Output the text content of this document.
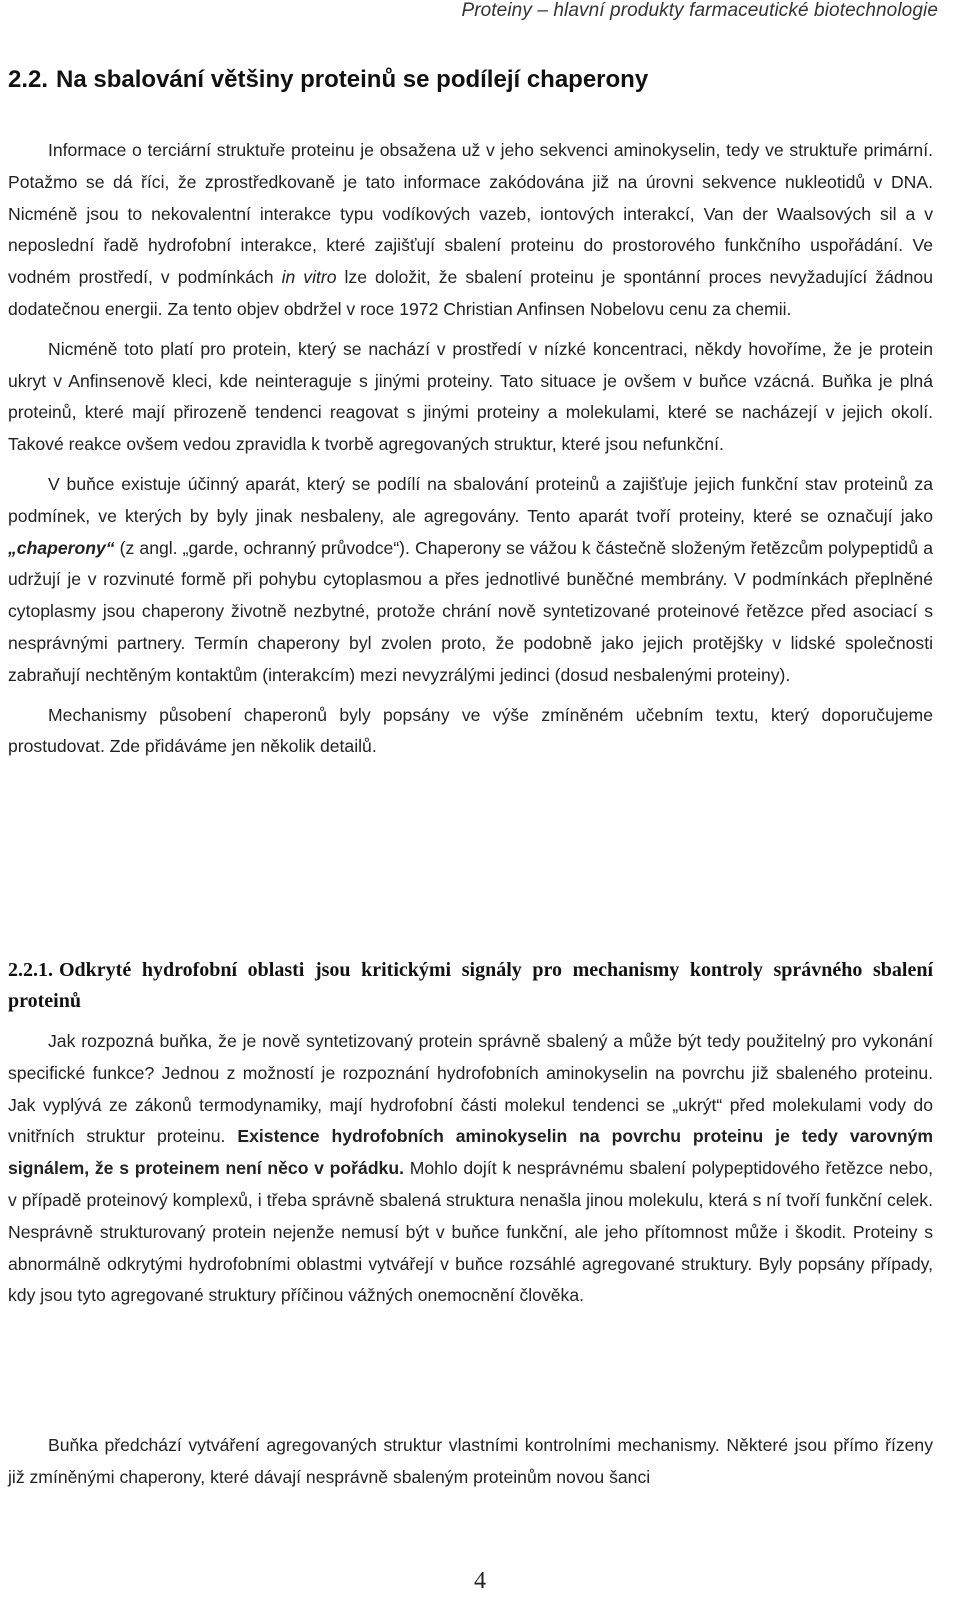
Proteiny – hlavní produkty farmaceutické biotechnologie
2.2. Na sbalování většiny proteinů se podílejí chaperony

Informace o terciární struktuře proteinu je obsažena už v jeho sekvenci aminokyselin, tedy ve struktuře primární. Potažmo se dá říci, že zprostředkovaně je tato informace zakódována již na úrovni sekvence nukleotidů v DNA. Nicméně jsou to nekovalentní interakce typu vodíkových vazeb, iontových interakcí, Van der Waalsových sil a v neposlední řadě hydrofobní interakce, které zajišťují sbalení proteinu do prostorového funkčního uspořádání. Ve vodném prostředí, v podmínkách in vitro lze doložit, že sbalení proteinu je spontánní proces nevyžadující žádnou dodatečnou energii. Za tento objev obdržel v roce 1972 Christian Anfinsen Nobelovu cenu za chemii.

Nicméně toto platí pro protein, který se nachází v prostředí v nízké koncentraci, někdy hovoříme, že je protein ukryt v Anfinsenově kleci, kde neinteraguje s jinými proteiny. Tato situace je ovšem v buňce vzácná. Buňka je plná proteinů, které mají přirozeně tendenci reagovat s jinými proteiny a molekulami, které se nacházejí v jejich okolí. Takové reakce ovšem vedou zpravidla k tvorbě agregovaných struktur, které jsou nefunkční.

V buňce existuje účinný aparát, který se podílí na sbalování proteinů a zajišťuje jejich funkční stav proteinů za podmínek, ve kterých by byly jinak nesbaleny, ale agregovány. Tento aparát tvoří proteiny, které se označují jako „chaperony“ (z angl. „garde, ochranný průvodce“). Chaperony se vážou k částečně složeným řetězcům polypeptidů a udržují je v rozvinuté formě při pohybu cytoplasmou a přes jednotlivé buněčné membrány. V podmínkách přeplněné cytoplasmy jsou chaperony životně nezbytné, protože chrání nově syntetizované proteinové řetězce před asociací s nesprávnými partnery. Termín chaperony byl zvolen proto, že podobně jako jejich protějšky v lidské společnosti zabraňují nechtěným kontaktům (interakcím) mezi nevyzrálými jedinci (dosud nesbalenými proteiny).

Mechanismy působení chaperonů byly popsány ve výše zmíněném učebním textu, který doporučujeme prostudovat. Zde přidáváme jen několik detailů.

2.2.1. Odkryté hydrofobní oblasti jsou kritickými signály pro mechanismy kontroly správného sbalení proteinů

Jak rozpozná buňka, že je nově syntetizovaný protein správně sbalený a může být tedy použitelný pro vykonání specifické funkce? Jednou z možností je rozpoznání hydrofobních aminokyselin na povrchu již sbaleného proteinu. Jak vyplývá ze zákonů termodynamiky, mají hydrofobní části molekul tendenci se „ukrýt“ před molekulami vody do vnitřních struktur proteinu. Existence hydrofobních aminokyselin na povrchu proteinu je tedy varovným signálem, že s proteinem není něco v pořádku. Mohlo dojít k nesprávnému sbalení polypeptidového řetězce nebo, v případě proteinový komplexů, i třeba správně sbalená struktura nenašla jinou molekulu, která s ní tvoří funkční celek. Nesprávně strukturovaný protein nejenže nemusí být v buňce funkční, ale jeho přítomnost může i škodit. Proteiny s abnormálně odkrytými hydrofobními oblastmi vytvářejí v buňce rozsáhlé agregované struktury. Byly popsány případy, kdy jsou tyto agregované struktury příčinou vážných onemocnění člověka.

Buňka předchází vytváření agregovaných struktur vlastními kontrolními mechanismy. Některé jsou přímo řízeny již zmíněnými chaperony, které dávají nesprávně sbaleným proteinům novou šanci

4
